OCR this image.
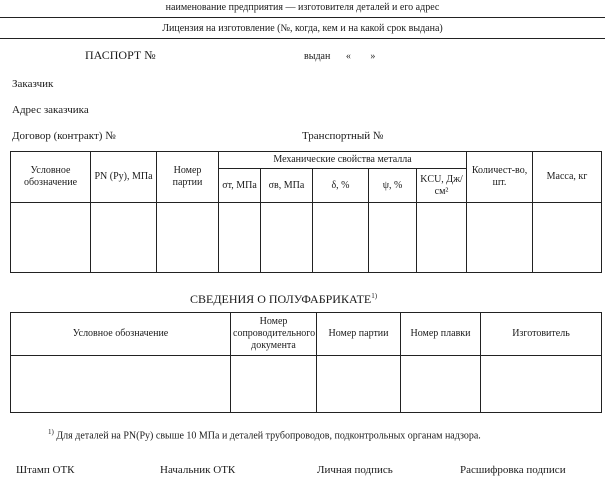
наименование предприятия — изготовителя деталей и его адрес
Лицензия на изготовление (№, когда, кем и на какой срок выдана)
ПАСПОРТ №	выдан « »
Заказчик
Адрес заказчика
Договор (контракт) №	Транспортный №
Условное обозначение	PN (Pу), МПа	Номер партии	Механические свойства металла					Количест-во, шт.	Масса, кг
			σт, МПа	σв, МПа	δ, %	ψ, %	KCU, Дж/см²		

СВЕДЕНИЯ О ПОЛУФАБРИКАТЕ$^{1)}$
Условное обозначение	Номер сопроводительного документа	Номер партии	Номер плавки	Изготовитель

$^{1)}$ Для деталей на PN(Pу) свыше 10 МПа и деталей трубопроводов, подконтрольных органам надзора.
Штамп ОТК	Начальник ОТК	Личная подпись	Расшифровка подписи
